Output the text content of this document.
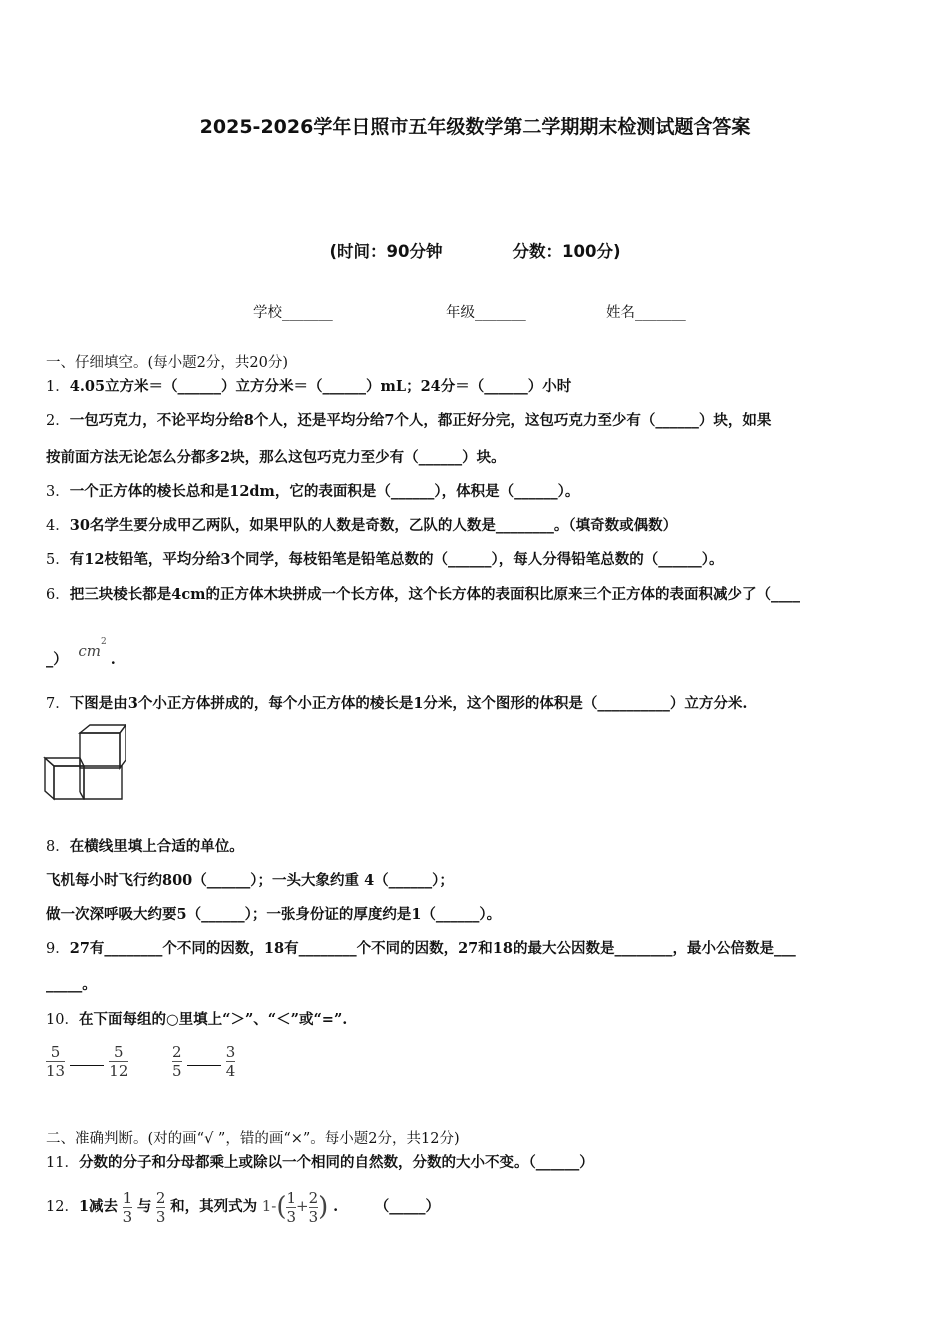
2025-2026学年日照市五年级数学第二学期期末检测试题含答案
(时间：90分钟	分数：100分)
学校_______	年级_______	姓名_______
一、仔细填空。(每小题2分，共20分)
1．4.05立方米＝（______）立方分米＝（______）mL；24分＝（______）小时
2．一包巧克力，不论平均分给8个人，还是平均分给7个人，都正好分完，这包巧克力至少有（______）块，如果
按前面方法无论怎么分都多2块，那么这包巧克力至少有（______）块。
3．一个正方体的棱长总和是12dm，它的表面积是（______），体积是（______）。
4．30名学生要分成甲乙两队，如果甲队的人数是奇数，乙队的人数是________。（填奇数或偶数）
5．有12枝铅笔，平均分给3个同学，每枝铅笔是铅笔总数的（______），每人分得铅笔总数的（______）。
6．把三块棱长都是4cm的正方体木块拼成一个长方体，这个长方体的表面积比原来三个正方体的表面积减少了（____
_） $cm^2$.
7．下图是由3个小正方体拼成的，每个小正方体的棱长是1分米，这个图形的体积是（__________）立方分米.
8．在横线里填上合适的单位。
飞机每小时飞行约800（______）；一头大象约重 4（______）；
做一次深呼吸大约要5（______）；一张身份证的厚度约是1（______）。
9．27有________个不同的因数，18有________个不同的因数，27和18的最大公因数是________，最小公倍数是___
_____。
10．在下面每组的○里填上“＞”、“＜”或“=”.
$\frac{5}{13}$
	$\frac{5}{12}$	$\frac{2}{5}$
	$\frac{3}{4}$
二、准确判断。(对的画“√ ”，错的画“×”。每小题2分，共12分)
11．分数的分子和分母都乘上或除以一个相同的自然数，分数的大小不变。（______）
12．1减去 $\frac{1}{3}$ 与 $\frac{2}{3}$ 和，其列式为 $1-( \frac{1}{3} + \frac{2}{3}$ ) .	（_____）
